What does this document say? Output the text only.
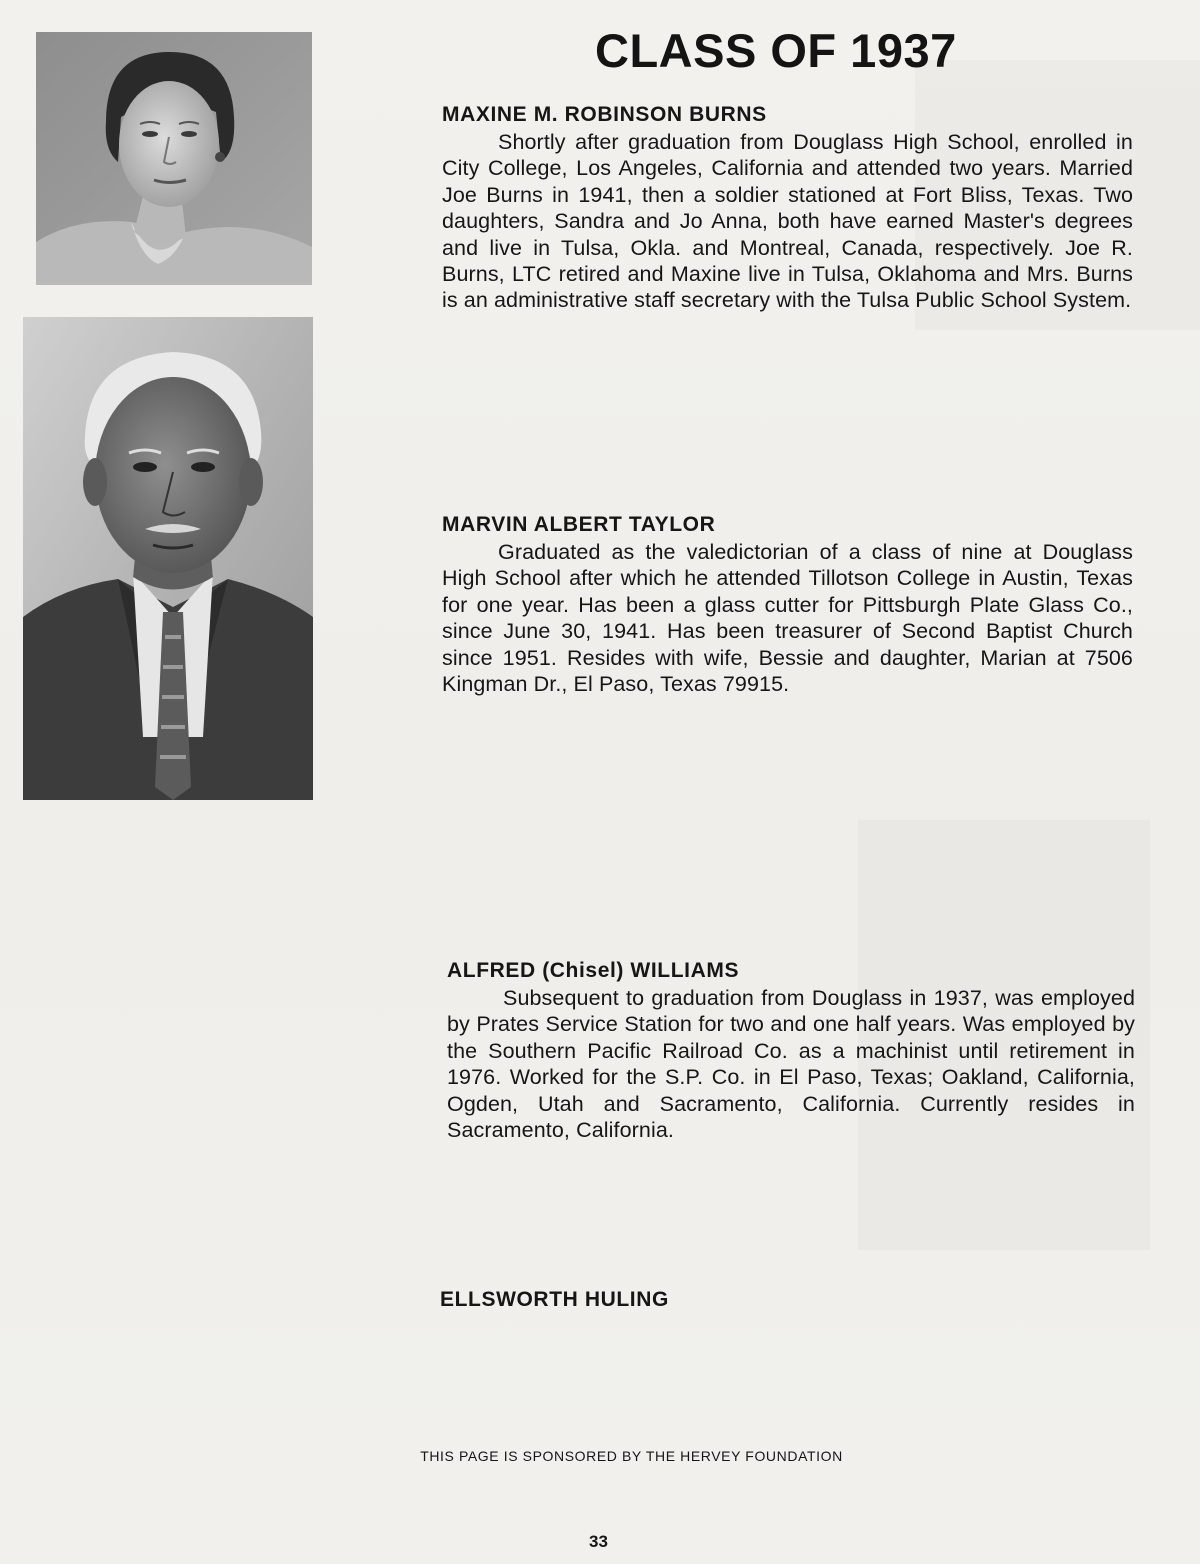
CLASS OF 1937
MAXINE M. ROBINSON BURNS

Shortly after graduation from Douglass High School, enrolled in City College, Los Angeles, California and attended two years. Married Joe Burns in 1941, then a soldier stationed at Fort Bliss, Texas. Two daughters, Sandra and Jo Anna, both have earned Master's degrees and live in Tulsa, Okla. and Montreal, Canada, respectively. Joe R. Burns, LTC retired and Maxine live in Tulsa, Oklahoma and Mrs. Burns is an administrative staff secretary with the Tulsa Public School System.

MARVIN ALBERT TAYLOR

Graduated as the valedictorian of a class of nine at Douglass High School after which he attended Tillotson College in Austin, Texas for one year. Has been a glass cutter for Pittsburgh Plate Glass Co., since June 30, 1941. Has been treasurer of Second Baptist Church since 1951. Resides with wife, Bessie and daughter, Marian at 7506 Kingman Dr., El Paso, Texas 79915.

ALFRED (Chisel) WILLIAMS

Subsequent to graduation from Douglass in 1937, was employed by Prates Service Station for two and one half years. Was employed by the Southern Pacific Railroad Co. as a machinist until retirement in 1976. Worked for the S.P. Co. in El Paso, Texas; Oakland, California, Ogden, Utah and Sacramento, California. Currently resides in Sacramento, California.

ELLSWORTH HULING
THIS PAGE IS SPONSORED BY THE HERVEY FOUNDATION
33
